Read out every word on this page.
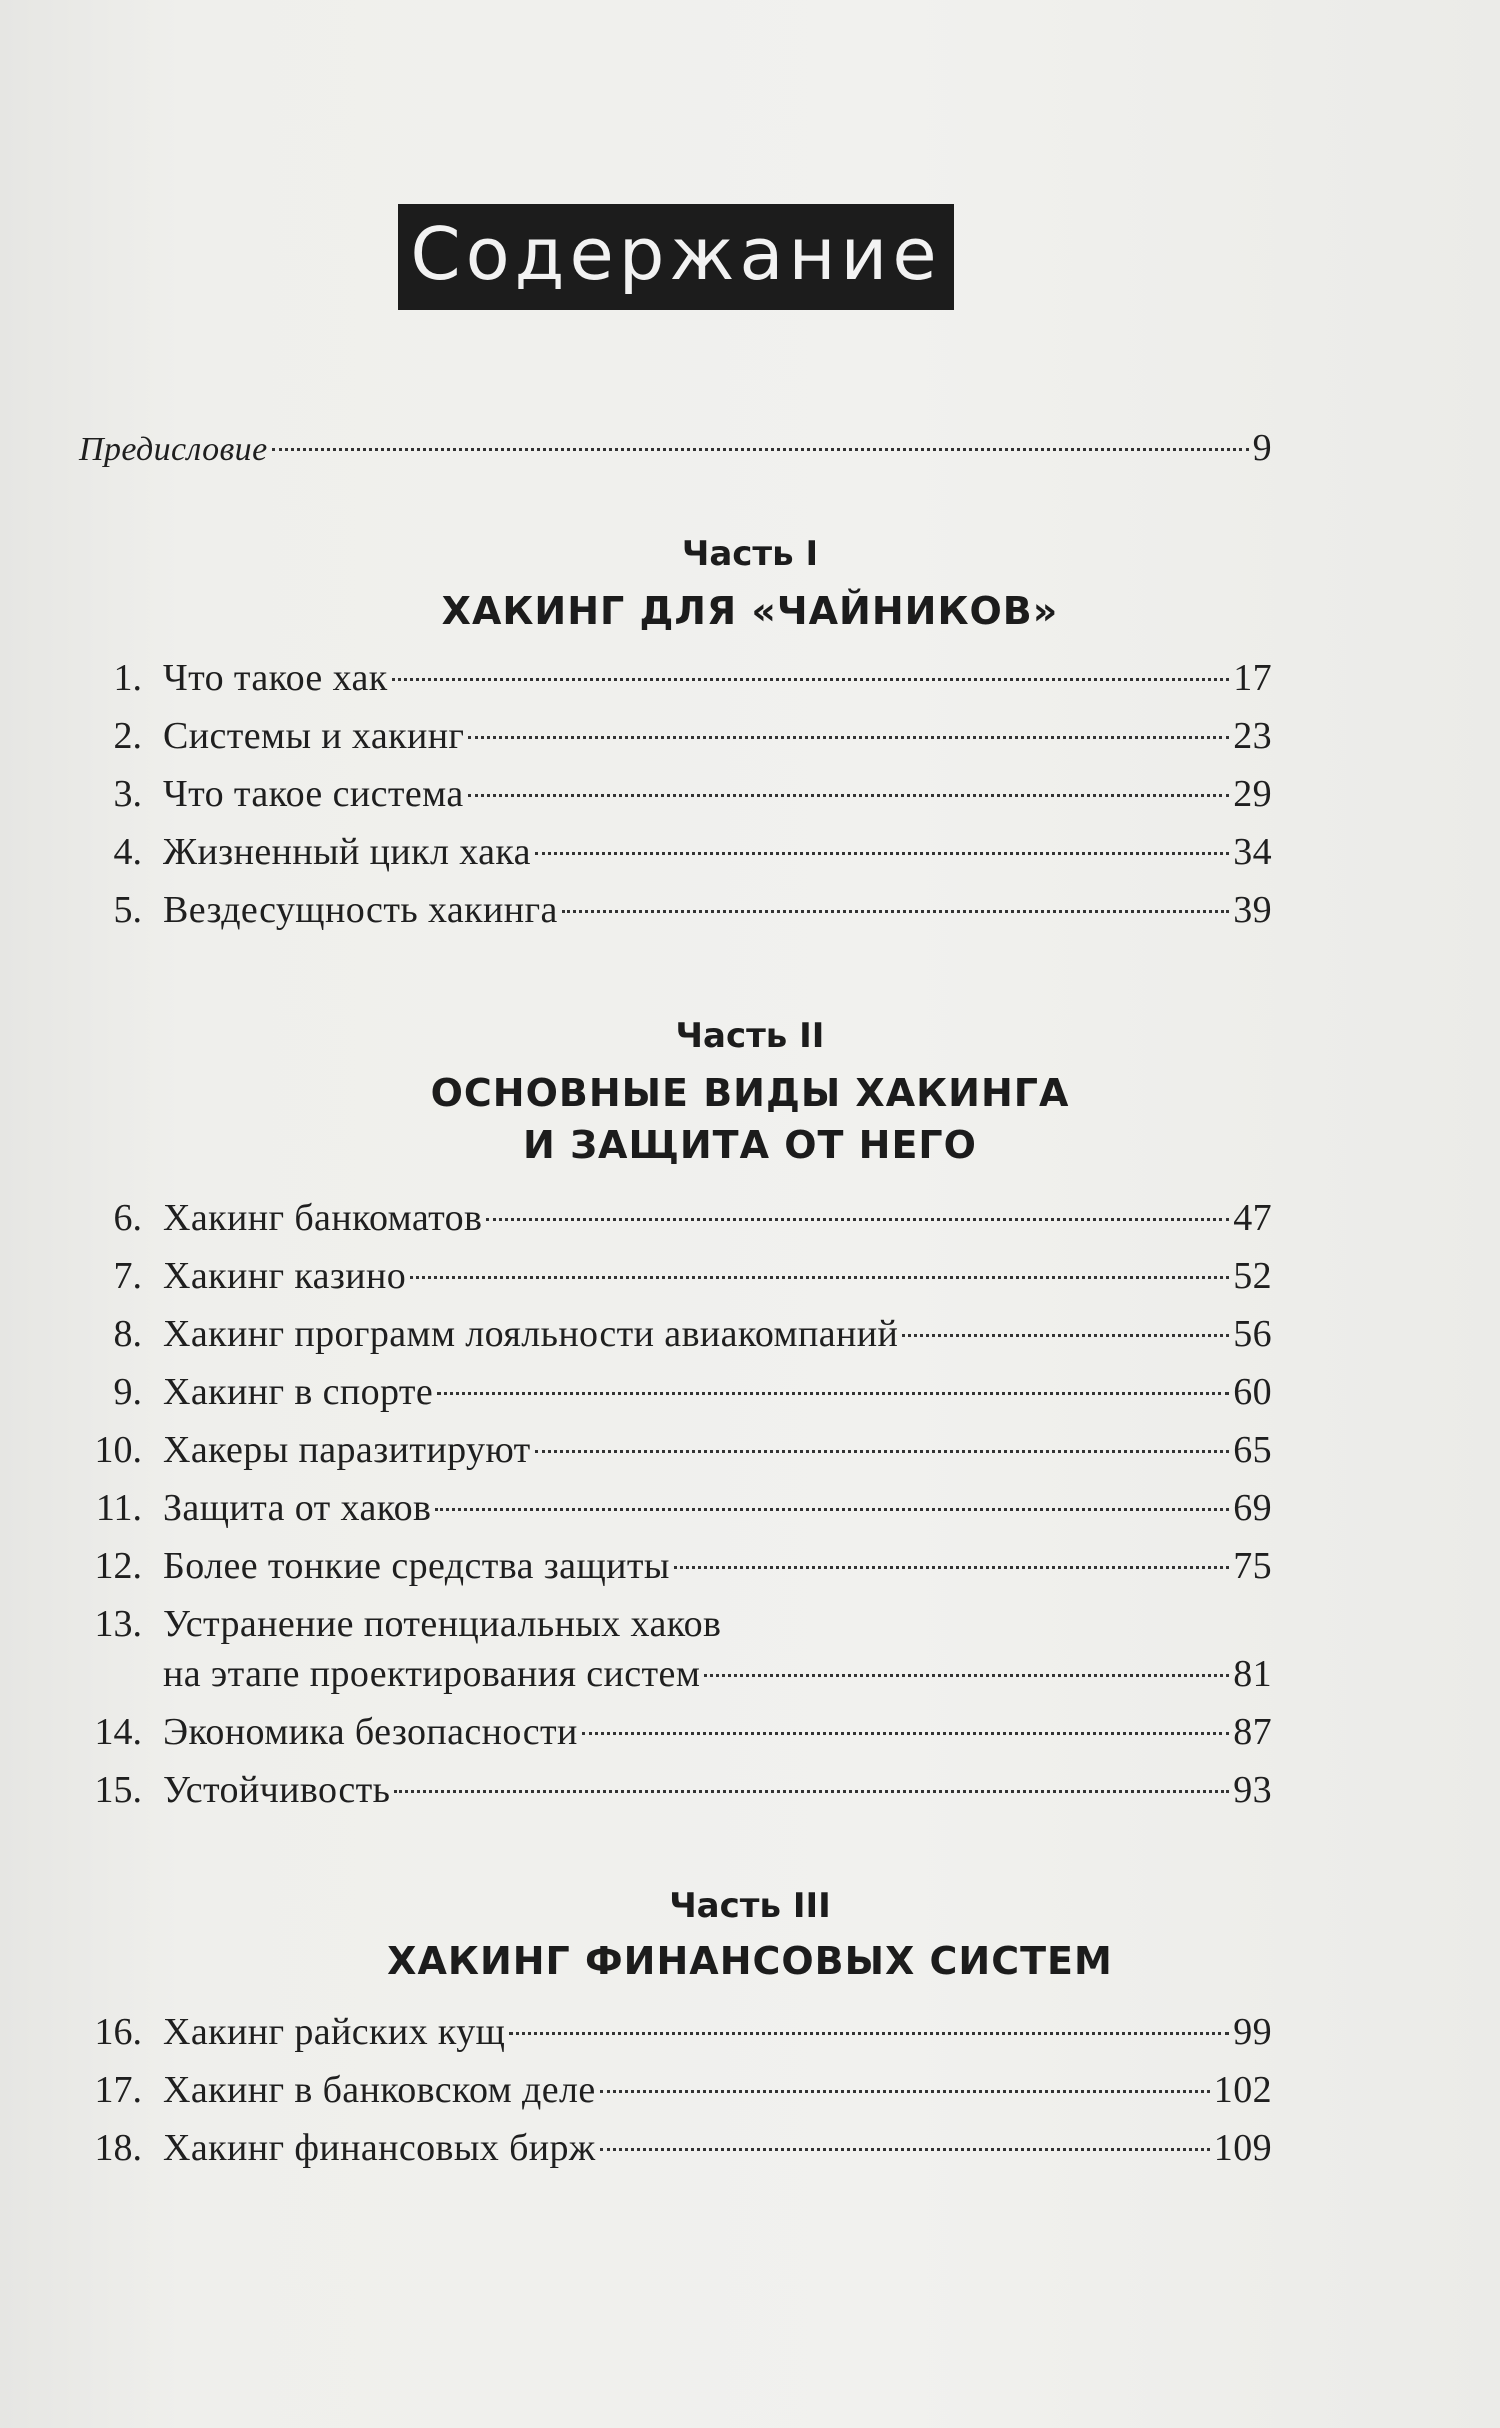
Содержание
Предисловие	9
Часть I
ХАКИНГ ДЛЯ «ЧАЙНИКОВ»
1. Что такое хак	17
2. Системы и хакинг	23
3. Что такое система	29
4. Жизненный цикл хака	34
5. Вездесущность хакинга	39
Часть II
ОСНОВНЫЕ ВИДЫ ХАКИНГА
И ЗАЩИТА ОТ НЕГО
6. Хакинг банкоматов	47
7. Хакинг казино	52
8. Хакинг программ лояльности авиакомпаний	56
9. Хакинг в спорте	60
10. Хакеры паразитируют	65
11. Защита от хаков	69
12. Более тонкие средства защиты	75
13. Устранение потенциальных хаков
на этапе проектирования систем	81
14. Экономика безопасности	87
15. Устойчивость	93
Часть III
ХАКИНГ ФИНАНСОВЫХ СИСТЕМ
16. Хакинг райских кущ	99
17. Хакинг в банковском деле	102
18. Хакинг финансовых бирж	109
